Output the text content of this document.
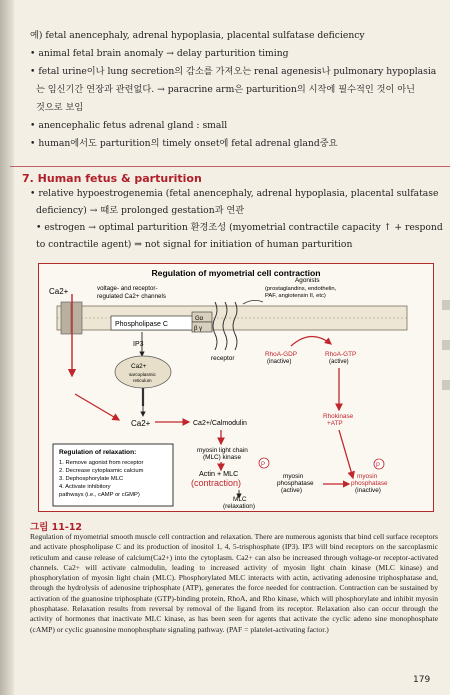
예) fetal anencephaly, adrenal hypoplasia, placental sulfatase deficiency
• animal fetal brain anomaly → delay parturition timing
• fetal urine이나 lung secretion의 감소를 가져오는 renal agenesis나 pulmonary hypoplasia
는 임신기간 연장과 관련없다. → paracrine arm은 parturition의 시작에 필수적인 것이 아닌
것으로 보임
• anencephalic fetus adrenal gland : small
• human에서도 parturition의 timely onset에 fetal adrenal gland중요
7. Human fetus & parturition
• relative hypoestrogenemia (fetal anencephaly, adrenal hypoplasia, placental sulfatase
deficiency) → 때로 prolonged gestation과 연관
• estrogen → optimal parturition 환경조성 (myometrial contractile capacity ↑ + respond
to contractile agent) ⇒ not signal for initiation of human parturition
Regulation of myometrial cell contraction
Ca2+	voltage- and receptor-
regulated Ca2+ channels
Agonists
(prostaglandins, endothelin,
PAF, angiotensin II, etc)
Phospholipase C
Gα
β γ
receptor
IP3
Ca2+
sarcoplasmic
reticulum
Ca2+	Ca2+/Calmodulin
myosin light chain
(MLC) kinase
P
Actin + MLC
(contraction)
MLC
(relaxation)
RhoA-GDP
(inactive)
RhoA-GTP
(active)
Rhokinase
+ATP
myosin
phosphatase
(active)
P
myosin
phosphatase
(inactive)
Regulation of relaxation:
1. Remove agonist from receptor
2. Decrease cytoplasmic calcium
3. Dephosphorylate MLC
4. Activate inhibitory
pathways (i.e., cAMP or cGMP)
그림 11-12
Regulation of myometrial smooth muscle cell contraction and relaxation. There are numerous agonists that bind cell surface receptors and activate phospholipase C and its production of inositol 1, 4, 5-trisphosphate (IP3). IP3 will bind receptors on the sarcoplasmic reticulum and cause release of calcium(Ca2+) into the cytoplasm. Ca2+ can also be increased through voltage-or receptor-activated channels. Ca2+ will activate calmodulin, leading to increased activity of myosin light chain kinase (MLC kinase) and phosphorylation of myosin light chain (MLC). Phosphorylated MLC interacts with actin, activating adenosine triphosphatase and, through the hydrolysis of adenosine triphosphate (ATP), generates the force needed for contraction. Contraction can be sustained by activation of the guanosine triphosphate (GTP)-binding protein, RhoA, and Rho kinase, which will phosphorylate and inhibit myosin phosphatase. Relaxation results from reversal by removal of the ligand from its receptor. Relaxation also can occur through the activity of hormones that inactivate MLC kinase, as has been seen for agents that activate the cyclic adeno sine monophosphate (cAMP) or cyclic guanosine monophosphate signaling pathway. (PAF = platelet-activating factor.)
179
